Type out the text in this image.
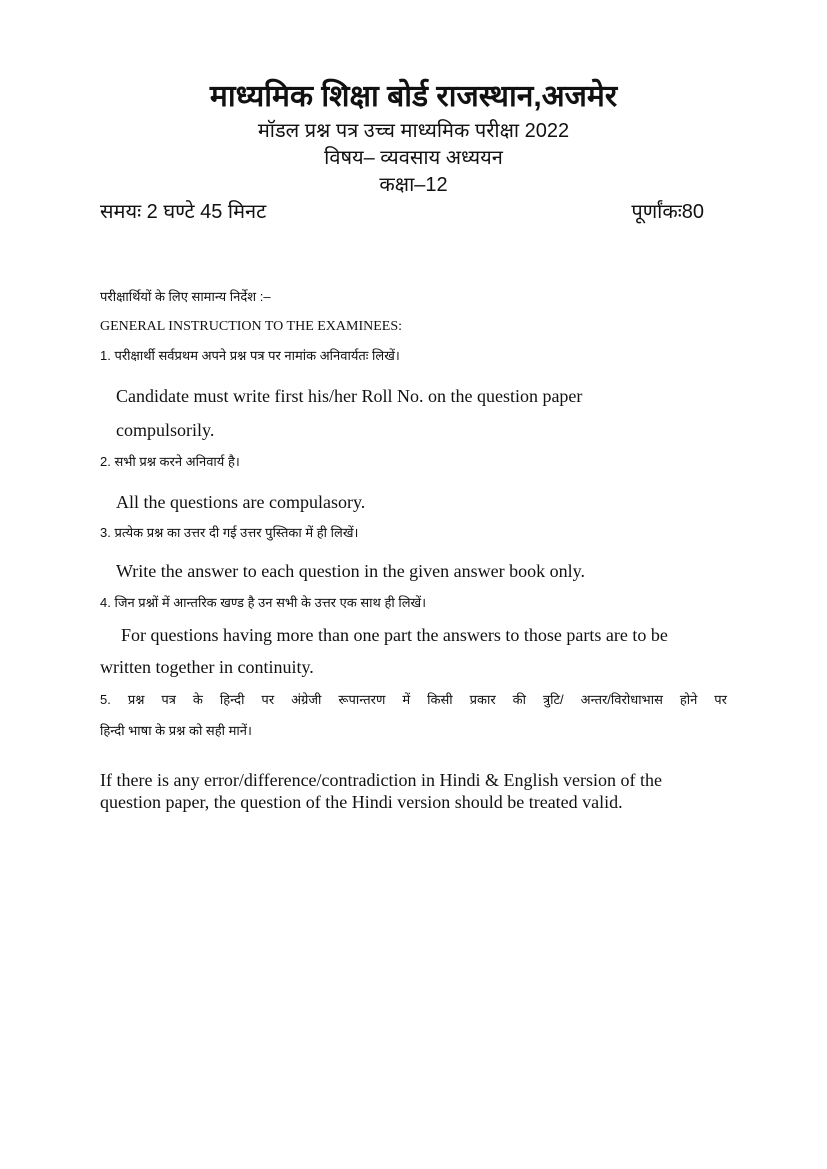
माध्यमिक शिक्षा बोर्ड राजस्थान,अजमेर
मॉडल प्रश्न पत्र उच्च माध्यमिक परीक्षा 2022
विषय– व्यवसाय अध्ययन
कक्षा–12
समयः 2 घण्टे 45 मिनट	पूर्णांकः80
परीक्षार्थियों के लिए सामान्य निर्देश :–
GENERAL INSTRUCTION TO THE EXAMINEES:
1. परीक्षार्थी सर्वप्रथम अपने प्रश्न पत्र पर नामांक अनिवार्यतः लिखें।
Candidate must write first his/her Roll No. on the question paper
compulsorily.
2. सभी प्रश्न करने अनिवार्य है।
All the questions are compulasory.
3. प्रत्येक प्रश्न का उत्तर दी गई उत्तर पुस्तिका में ही लिखें।
Write the answer to each question in the given answer book only.
4. जिन प्रश्नों में आन्तरिक खण्ड है उन सभी के उत्तर एक साथ ही लिखें।
For questions having more than one part the answers to those parts are to be
written together in continuity.
5. प्रश्न पत्र के हिन्दी पर अंग्रेजी रूपान्तरण में किसी प्रकार की त्रुटि/ अन्तर/विरोधाभास होने पर
हिन्दी भाषा के प्रश्न को सही मानें।
If there is any error/difference/contradiction in Hindi & English version of the
question paper, the question of the Hindi version should be treated valid.
